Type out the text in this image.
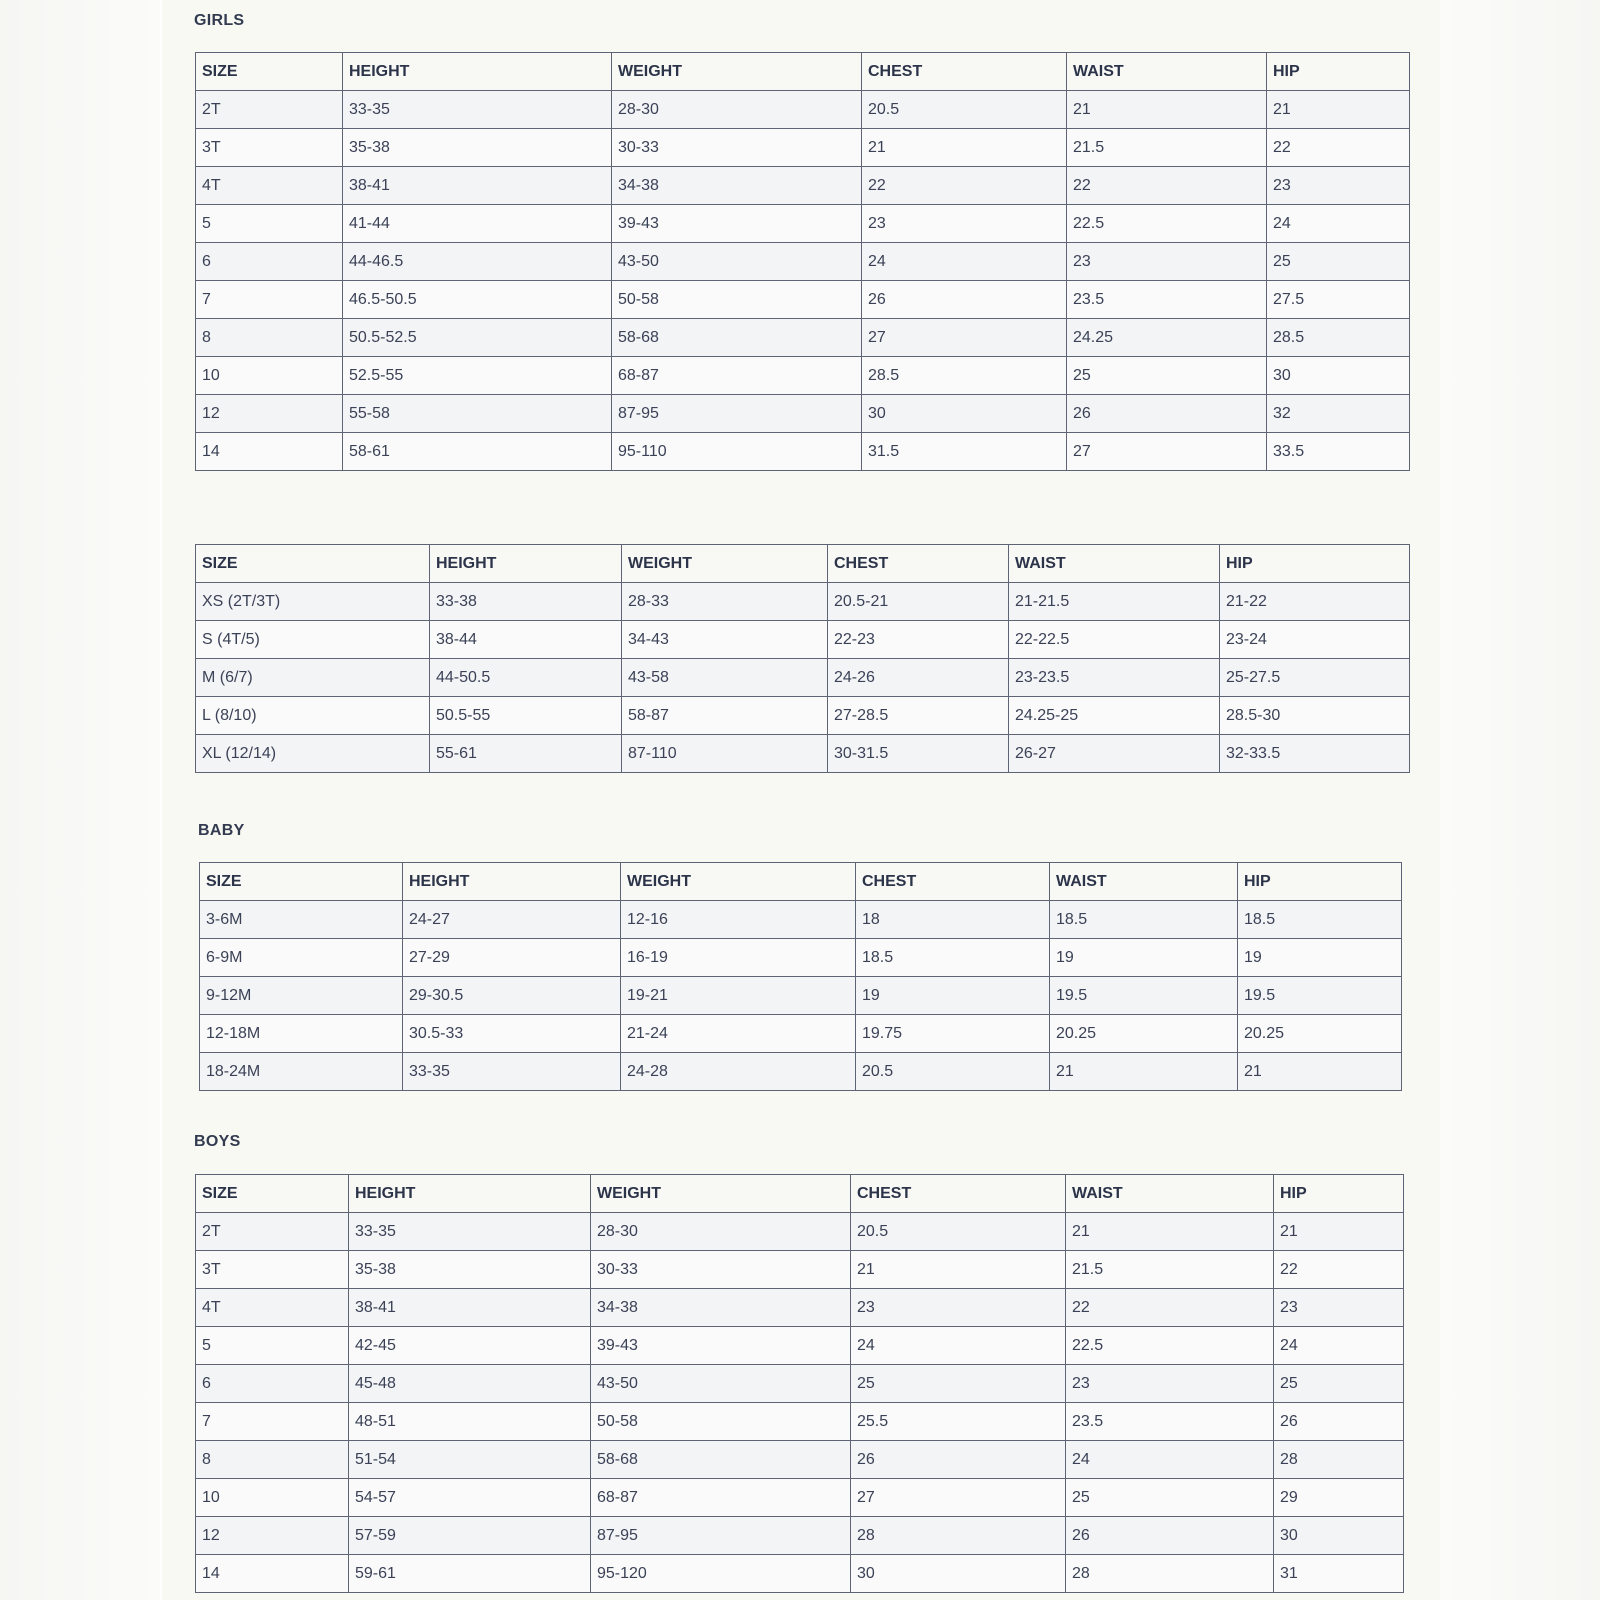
GIRLS
SIZE	HEIGHT	WEIGHT	CHEST	WAIST	HIP
2T	33-35	28-30	20.5	21	21
3T	35-38	30-33	21	21.5	22
4T	38-41	34-38	22	22	23
5	41-44	39-43	23	22.5	24
6	44-46.5	43-50	24	23	25
7	46.5-50.5	50-58	26	23.5	27.5
8	50.5-52.5	58-68	27	24.25	28.5
10	52.5-55	68-87	28.5	25	30
12	55-58	87-95	30	26	32
14	58-61	95-110	31.5	27	33.5
SIZE	HEIGHT	WEIGHT	CHEST	WAIST	HIP
XS (2T/3T)	33-38	28-33	20.5-21	21-21.5	21-22
S (4T/5)	38-44	34-43	22-23	22-22.5	23-24
M (6/7)	44-50.5	43-58	24-26	23-23.5	25-27.5
L (8/10)	50.5-55	58-87	27-28.5	24.25-25	28.5-30
XL (12/14)	55-61	87-110	30-31.5	26-27	32-33.5
BABY
SIZE	HEIGHT	WEIGHT	CHEST	WAIST	HIP
3-6M	24-27	12-16	18	18.5	18.5
6-9M	27-29	16-19	18.5	19	19
9-12M	29-30.5	19-21	19	19.5	19.5
12-18M	30.5-33	21-24	19.75	20.25	20.25
18-24M	33-35	24-28	20.5	21	21
BOYS
SIZE	HEIGHT	WEIGHT	CHEST	WAIST	HIP
2T	33-35	28-30	20.5	21	21
3T	35-38	30-33	21	21.5	22
4T	38-41	34-38	23	22	23
5	42-45	39-43	24	22.5	24
6	45-48	43-50	25	23	25
7	48-51	50-58	25.5	23.5	26
8	51-54	58-68	26	24	28
10	54-57	68-87	27	25	29
12	57-59	87-95	28	26	30
14	59-61	95-120	30	28	31
